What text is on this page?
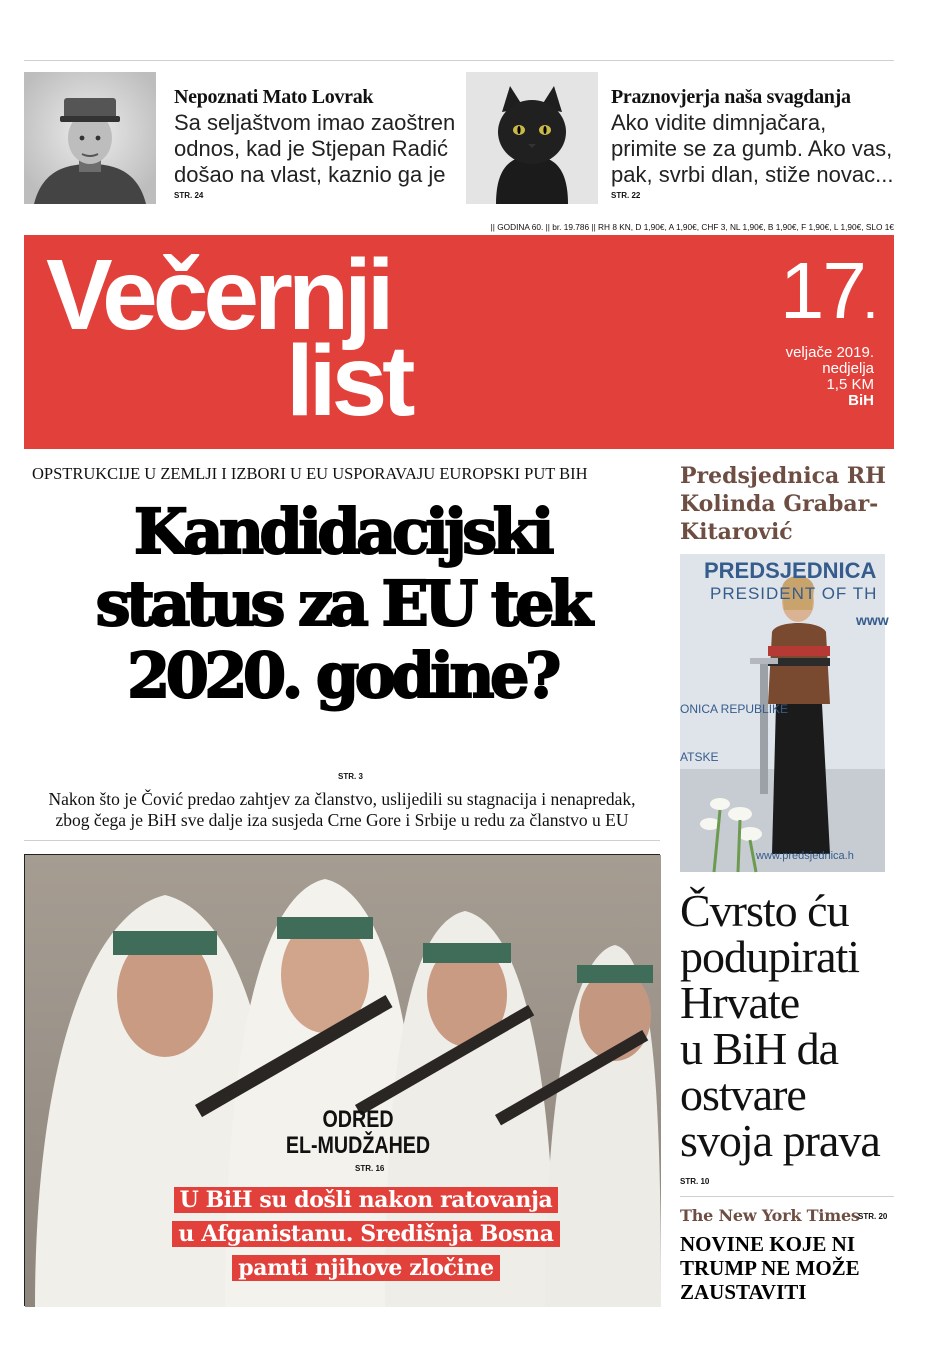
Nepoznati Mato Lovrak
Sa seljaštvom imao zaoštren
odnos, kad je Stjepan Radić
došao na vlast, kaznio ga je
STR. 24
Praznovjerja naša svagdanja
Ako vidite dimnjačara,
primite se za gumb. Ako vas,
pak, svrbi dlan, stiže novac...
STR. 22
|| GODINA 60. || br. 19.786 || RH 8 KN, D 1,90€, A 1,90€, CHF 3, NL 1,90€, B 1,90€, F 1,90€, L 1,90€, SLO 1€
Večernji
list
17.
veljače 2019.
nedjelja
1,5 KM
BiH
OPSTRUKCIJE U ZEMLJI I IZBORI U EU USPORAVAJU EUROPSKI PUT BIH
Kandidacijski
status za EU tek
2020. godine?
STR. 3
Nakon što je Čović predao zahtjev za članstvo, uslijedili su stagnacija i nenapredak,
zbog čega je BiH sve dalje iza susjeda Crne Gore i Srbije u redu za članstvo u EU
ODRED
EL-MUDŽAHED
STR. 16
U BiH su došli nakon ratovanja
u Afganistanu. Središnja Bosna
pamti njihove zločine
Predsjednica RH
Kolinda Grabar-
Kitarović
PREDSJEDNICA
PRESIDENT OF TH
www
ONICA REPUBLIKE
ATSKE
www.predsjednica.h
Čvrsto ću
podupirati
Hrvate
u BiH da
ostvare
svoja prava
STR. 10
The New York Times
STR. 20
NOVINE KOJE NI
TRUMP NE MOŽE
ZAUSTAVITI
